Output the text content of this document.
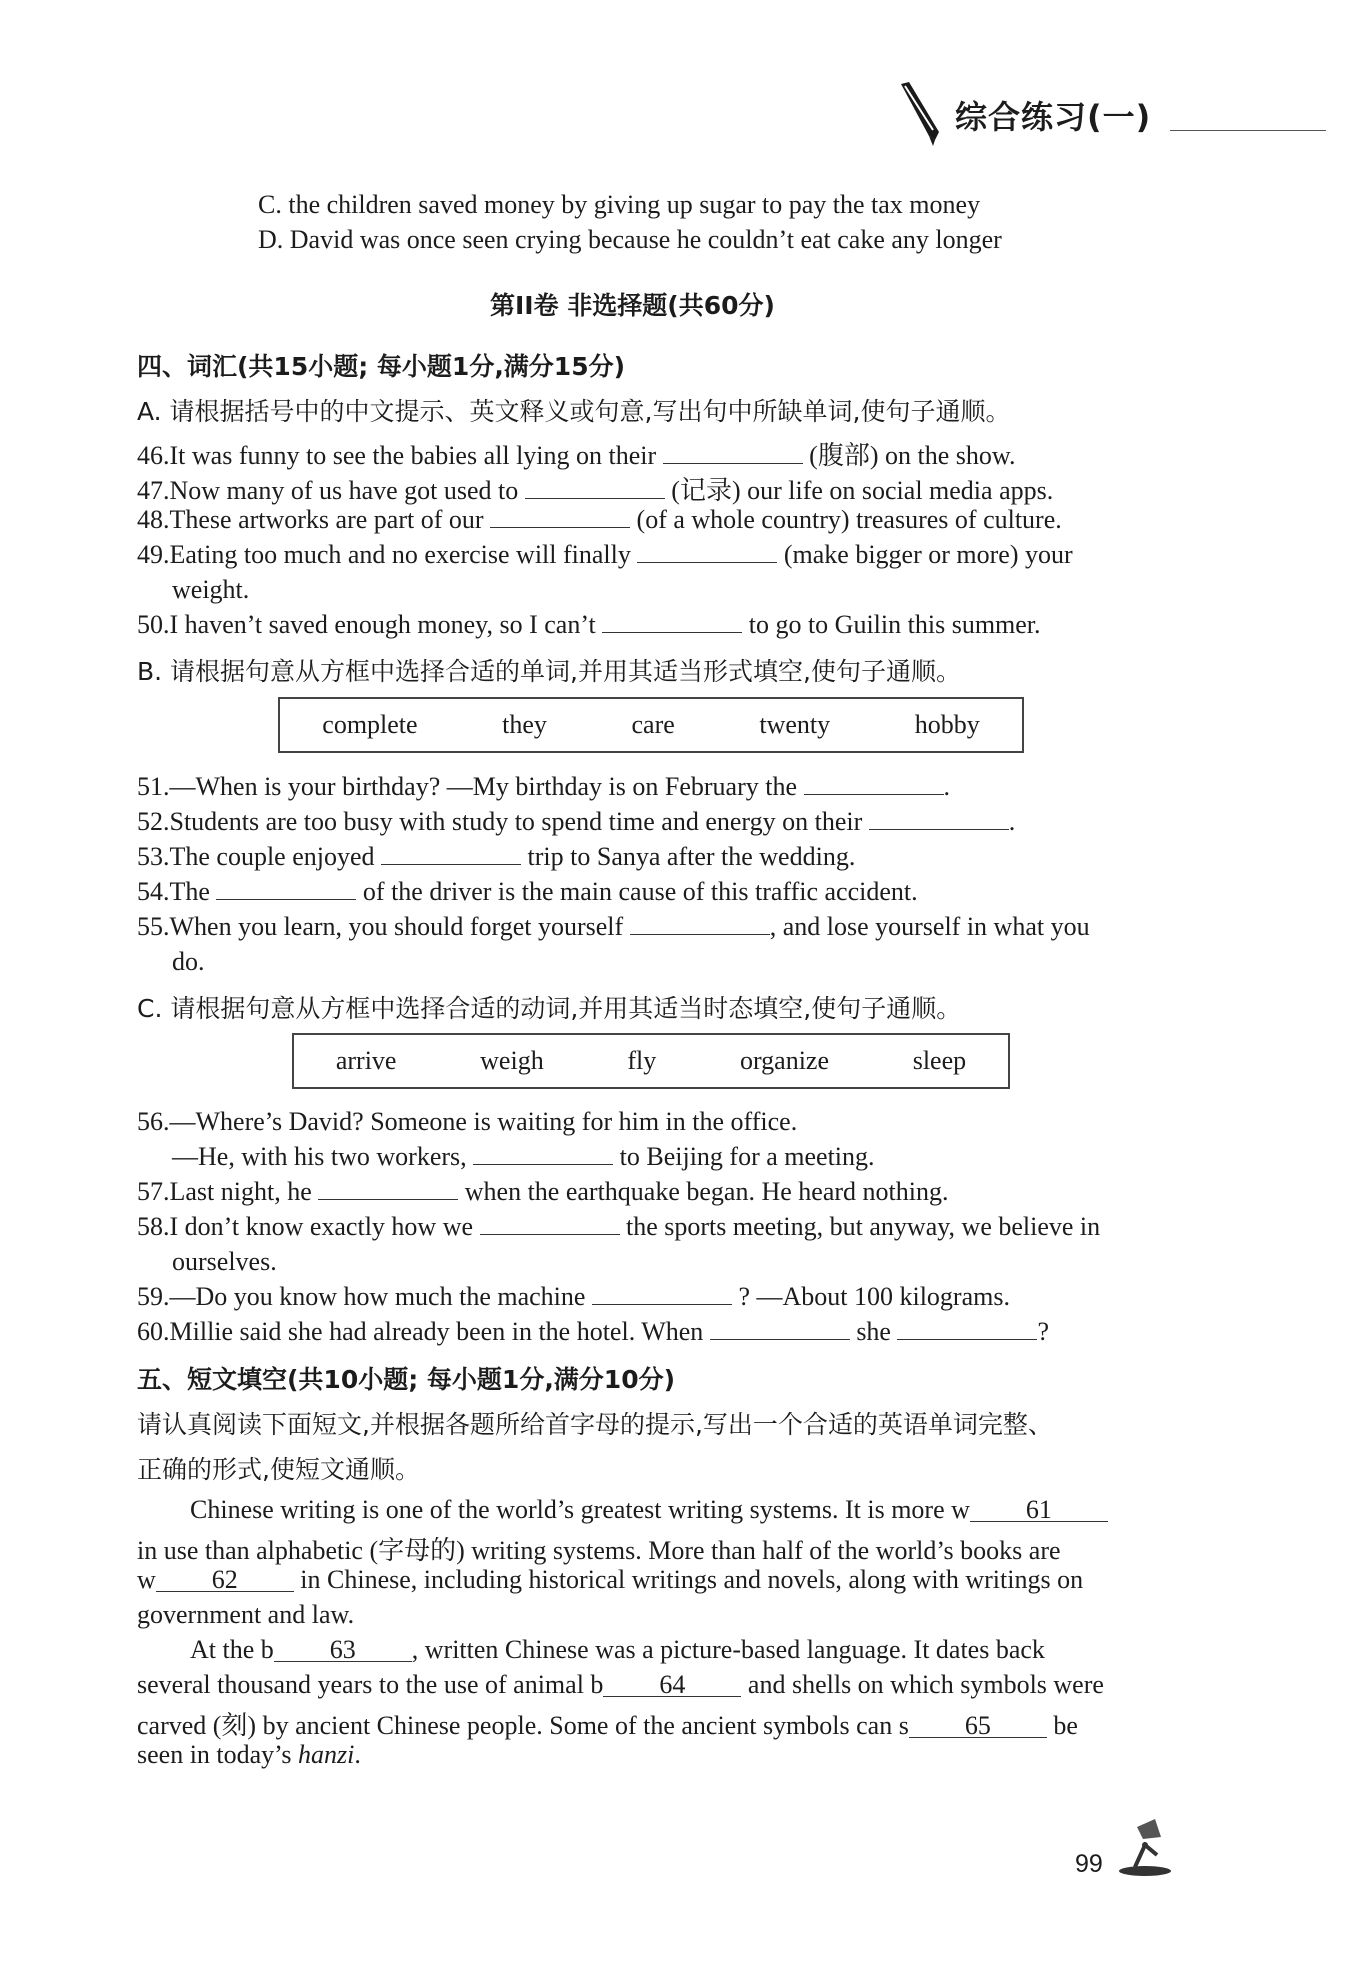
综合练习(一)
C. the children saved money by giving up sugar to pay the tax money
D. David was once seen crying because he couldn’t eat cake any longer
第II卷 非选择题(共60分)
四、词汇(共15小题; 每小题1分,满分15分)
A. 请根据括号中的中文提示、英文释义或句意,写出句中所缺单词,使句子通顺。
46.It was funny to see the babies all lying on their	(腹部) on the show.
47.Now many of us have got used to	(记录) our life on social media apps.
48.These artworks are part of our	(of a whole country) treasures of culture.
49.Eating too much and no exercise will finally	(make bigger or more) your
weight.
50.I haven’t saved enough money, so I can’t	to go to Guilin this summer.
B. 请根据句意从方框中选择合适的单词,并用其适当形式填空,使句子通顺。
complete	they	care	twenty	hobby
51.—When is your birthday? —My birthday is on February the	.
52.Students are too busy with study to spend time and energy on their	.
53.The couple enjoyed	trip to Sanya after the wedding.
54.The	of the driver is the main cause of this traffic accident.
55.When you learn, you should forget yourself	, and lose yourself in what you
do.
C. 请根据句意从方框中选择合适的动词,并用其适当时态填空,使句子通顺。
arrive	weigh	fly	organize	sleep
56.—Where’s David? Someone is waiting for him in the office.
—He, with his two workers,	to Beijing for a meeting.
57.Last night, he	when the earthquake began. He heard nothing.
58.I don’t know exactly how we	the sports meeting, but anyway, we believe in
ourselves.
59.—Do you know how much the machine	? —About 100 kilograms.
60.Millie said she had already been in the hotel. When	she	?
五、短文填空(共10小题; 每小题1分,满分10分)
请认真阅读下面短文,并根据各题所给首字母的提示,写出一个合适的英语单词完整、
正确的形式,使短文通顺。
Chinese writing is one of the world’s greatest writing systems. It is more w 61
in use than alphabetic (字母的) writing systems. More than half of the world’s books are
w 62 in Chinese, including historical writings and novels, along with writings on
government and law.
At the b 63 , written Chinese was a picture-based language. It dates back
several thousand years to the use of animal b 64 and shells on which symbols were
carved (刻) by ancient Chinese people. Some of the ancient symbols can s 65 be
seen in today’s hanzi.
99
